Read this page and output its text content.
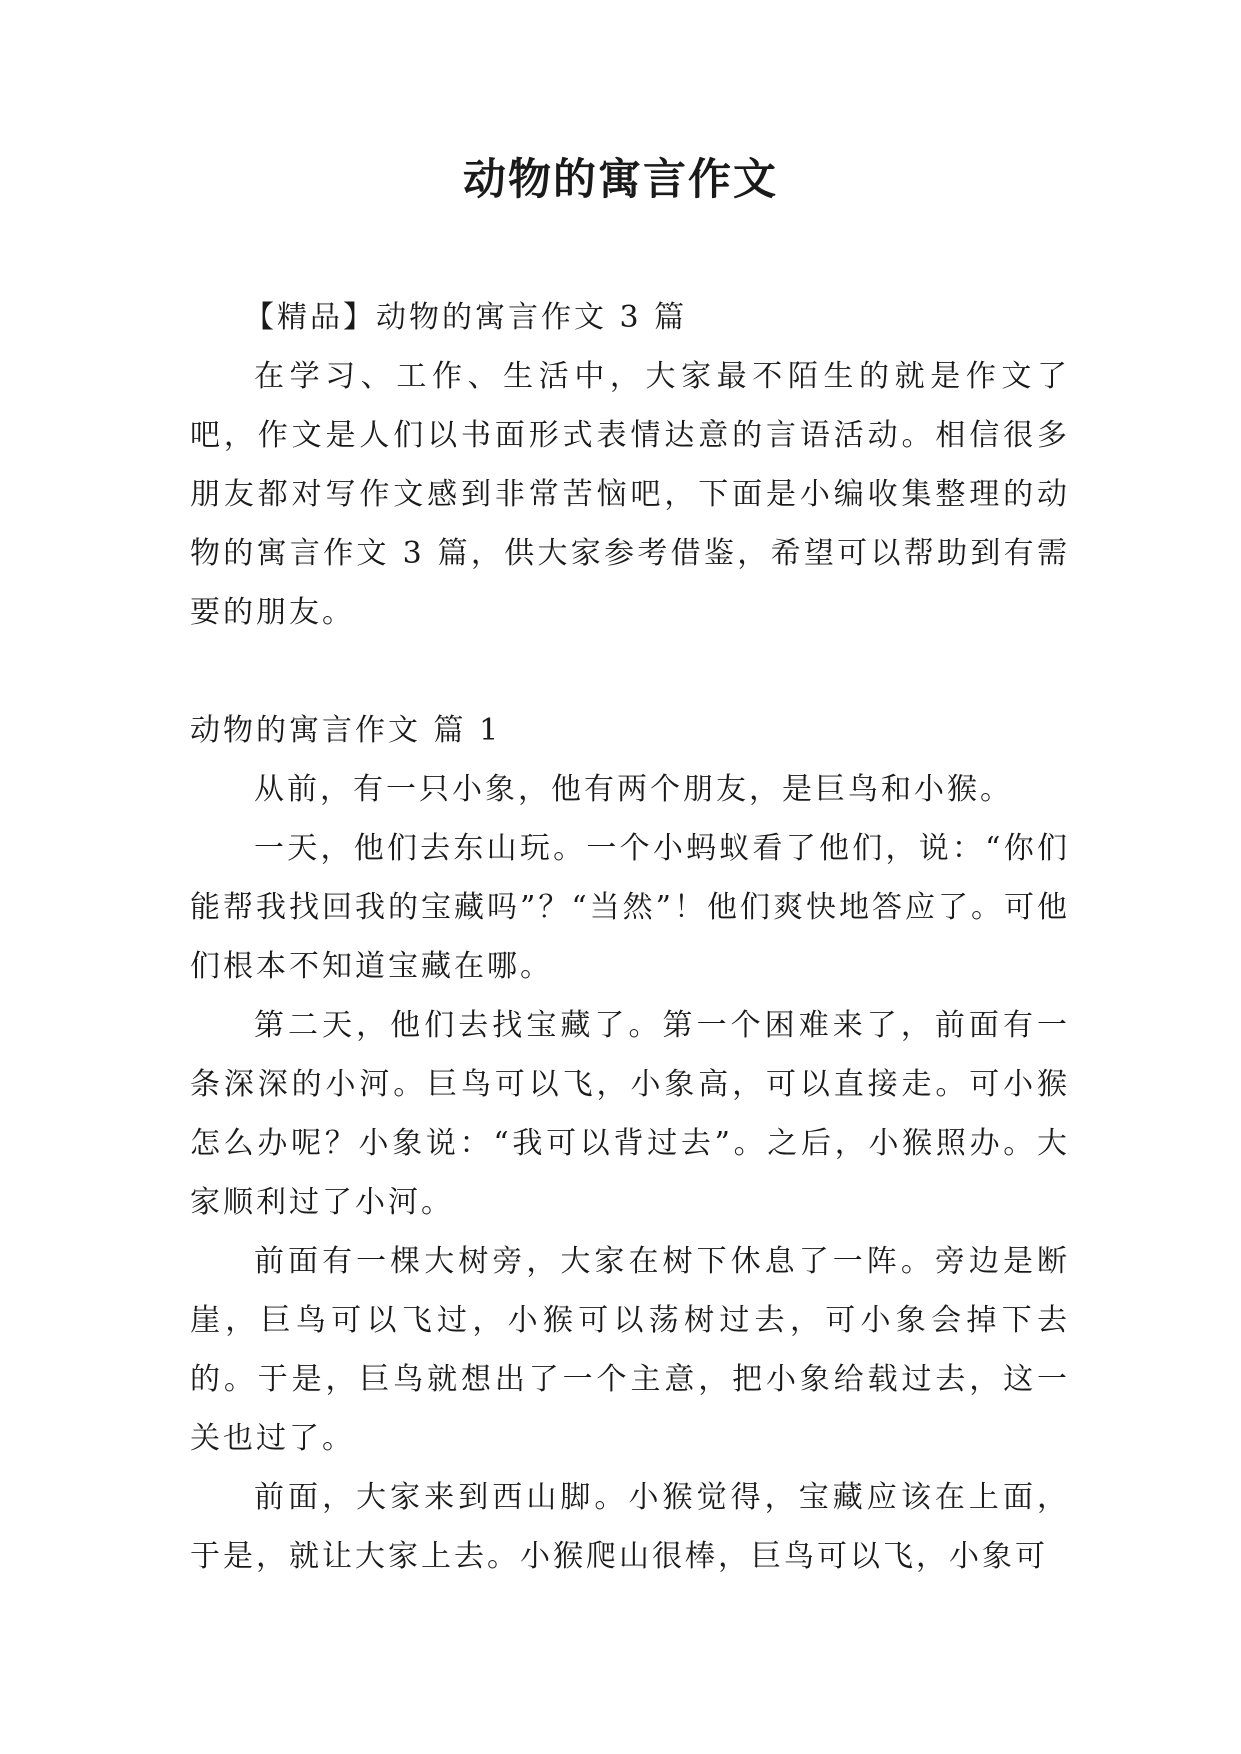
动物的寓言作文

【精品】动物的寓言作文 3 篇

在学习、工作、生活中，大家最不陌生的就是作文了吧，作文是人们以书面形式表情达意的言语活动。相信很多朋友都对写作文感到非常苦恼吧，下面是小编收集整理的动物的寓言作文 3 篇，供大家参考借鉴，希望可以帮助到有需要的朋友。

动物的寓言作文 篇 1

从前，有一只小象，他有两个朋友，是巨鸟和小猴。

一天，他们去东山玩。一个小蚂蚁看了他们，说：“你们能帮我找回我的宝藏吗”？“当然”！他们爽快地答应了。可他们根本不知道宝藏在哪。

第二天，他们去找宝藏了。第一个困难来了，前面有一条深深的小河。巨鸟可以飞，小象高，可以直接走。可小猴怎么办呢？小象说：“我可以背过去”。之后，小猴照办。大家顺利过了小河。

前面有一棵大树旁，大家在树下休息了一阵。旁边是断崖，巨鸟可以飞过，小猴可以荡树过去，可小象会掉下去的。于是，巨鸟就想出了一个主意，把小象给载过去，这一关也过了。

前面，大家来到西山脚。小猴觉得，宝藏应该在上面，于是，就让大家上去。小猴爬山很棒，巨鸟可以飞，小象可
